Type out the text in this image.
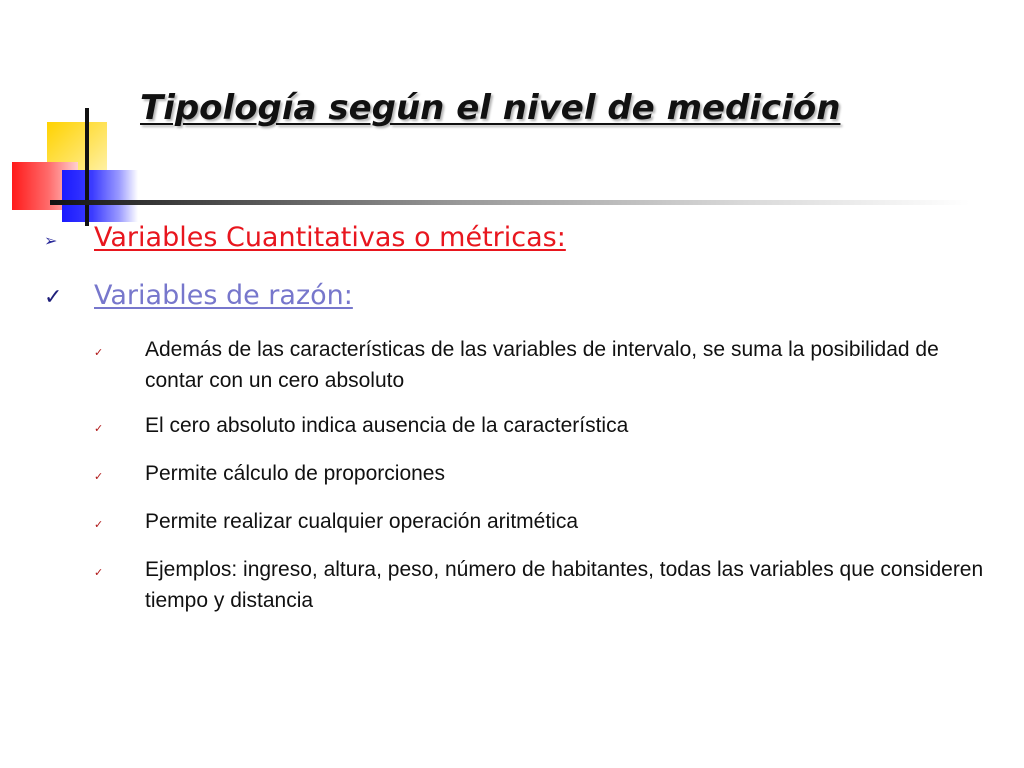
Tipología según el nivel de medición
➢	Variables Cuantitativas o métricas:
✓	Variables de razón:
✓	Además de las características de las variables de intervalo, se suma la posibilidad de contar con un cero absoluto
✓	El cero absoluto indica ausencia de la característica
✓	Permite cálculo de proporciones
✓	Permite realizar cualquier operación aritmética
✓	Ejemplos: ingreso, altura, peso, número de habitantes, todas las variables que consideren tiempo y distancia
